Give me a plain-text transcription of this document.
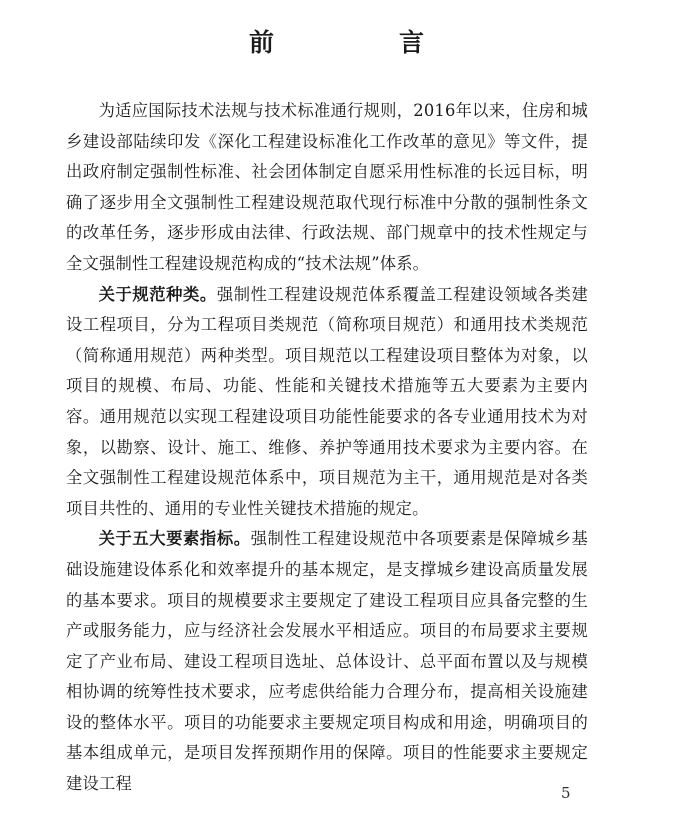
前　言

为适应国际技术法规与技术标准通行规则，2016年以来，住房和城乡建设部陆续印发《深化工程建设标准化工作改革的意见》等文件，提出政府制定强制性标准、社会团体制定自愿采用性标准的长远目标，明确了逐步用全文强制性工程建设规范取代现行标准中分散的强制性条文的改革任务，逐步形成由法律、行政法规、部门规章中的技术性规定与全文强制性工程建设规范构成的“技术法规”体系。

关于规范种类。强制性工程建设规范体系覆盖工程建设领域各类建设工程项目，分为工程项目类规范（简称项目规范）和通用技术类规范（简称通用规范）两种类型。项目规范以工程建设项目整体为对象，以项目的规模、布局、功能、性能和关键技术措施等五大要素为主要内容。通用规范以实现工程建设项目功能性能要求的各专业通用技术为对象，以勘察、设计、施工、维修、养护等通用技术要求为主要内容。在全文强制性工程建设规范体系中，项目规范为主干，通用规范是对各类项目共性的、通用的专业性关键技术措施的规定。

关于五大要素指标。强制性工程建设规范中各项要素是保障城乡基础设施建设体系化和效率提升的基本规定，是支撑城乡建设高质量发展的基本要求。项目的规模要求主要规定了建设工程项目应具备完整的生产或服务能力，应与经济社会发展水平相适应。项目的布局要求主要规定了产业布局、建设工程项目选址、总体设计、总平面布置以及与规模相协调的统筹性技术要求，应考虑供给能力合理分布，提高相关设施建设的整体水平。项目的功能要求主要规定项目构成和用途，明确项目的基本组成单元，是项目发挥预期作用的保障。项目的性能要求主要规定建设工程	5
